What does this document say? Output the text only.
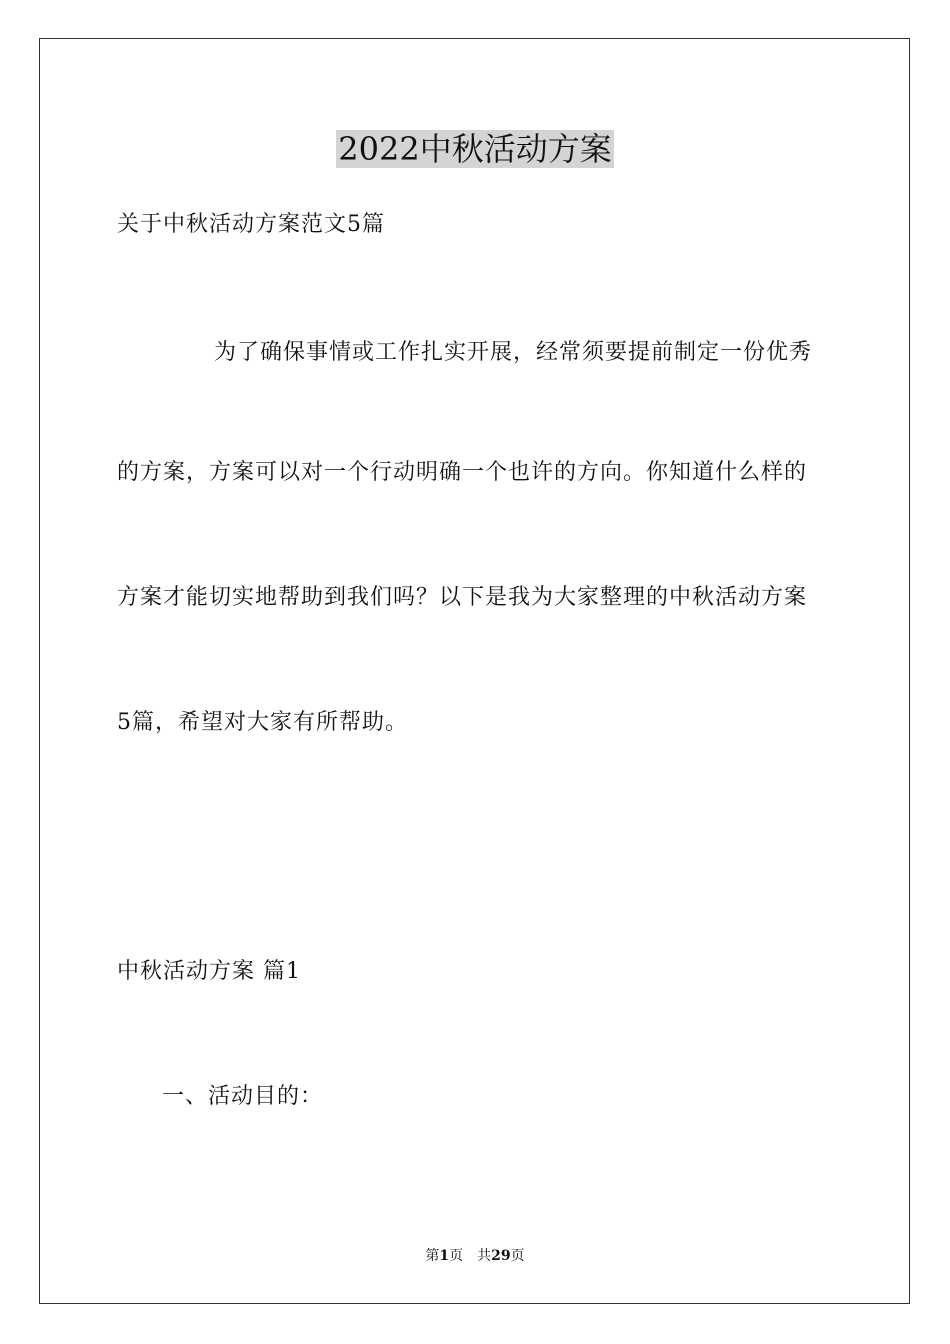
2022中秋活动方案
关于中秋活动方案范文5篇
为了确保事情或工作扎实开展，经常须要提前制定一份优秀
的方案，方案可以对一个行动明确一个也许的方向。你知道什么样的
方案才能切实地帮助到我们吗？以下是我为大家整理的中秋活动方案
5篇，希望对大家有所帮助。
中秋活动方案 篇1
一、活动目的：
第1页 共29页
